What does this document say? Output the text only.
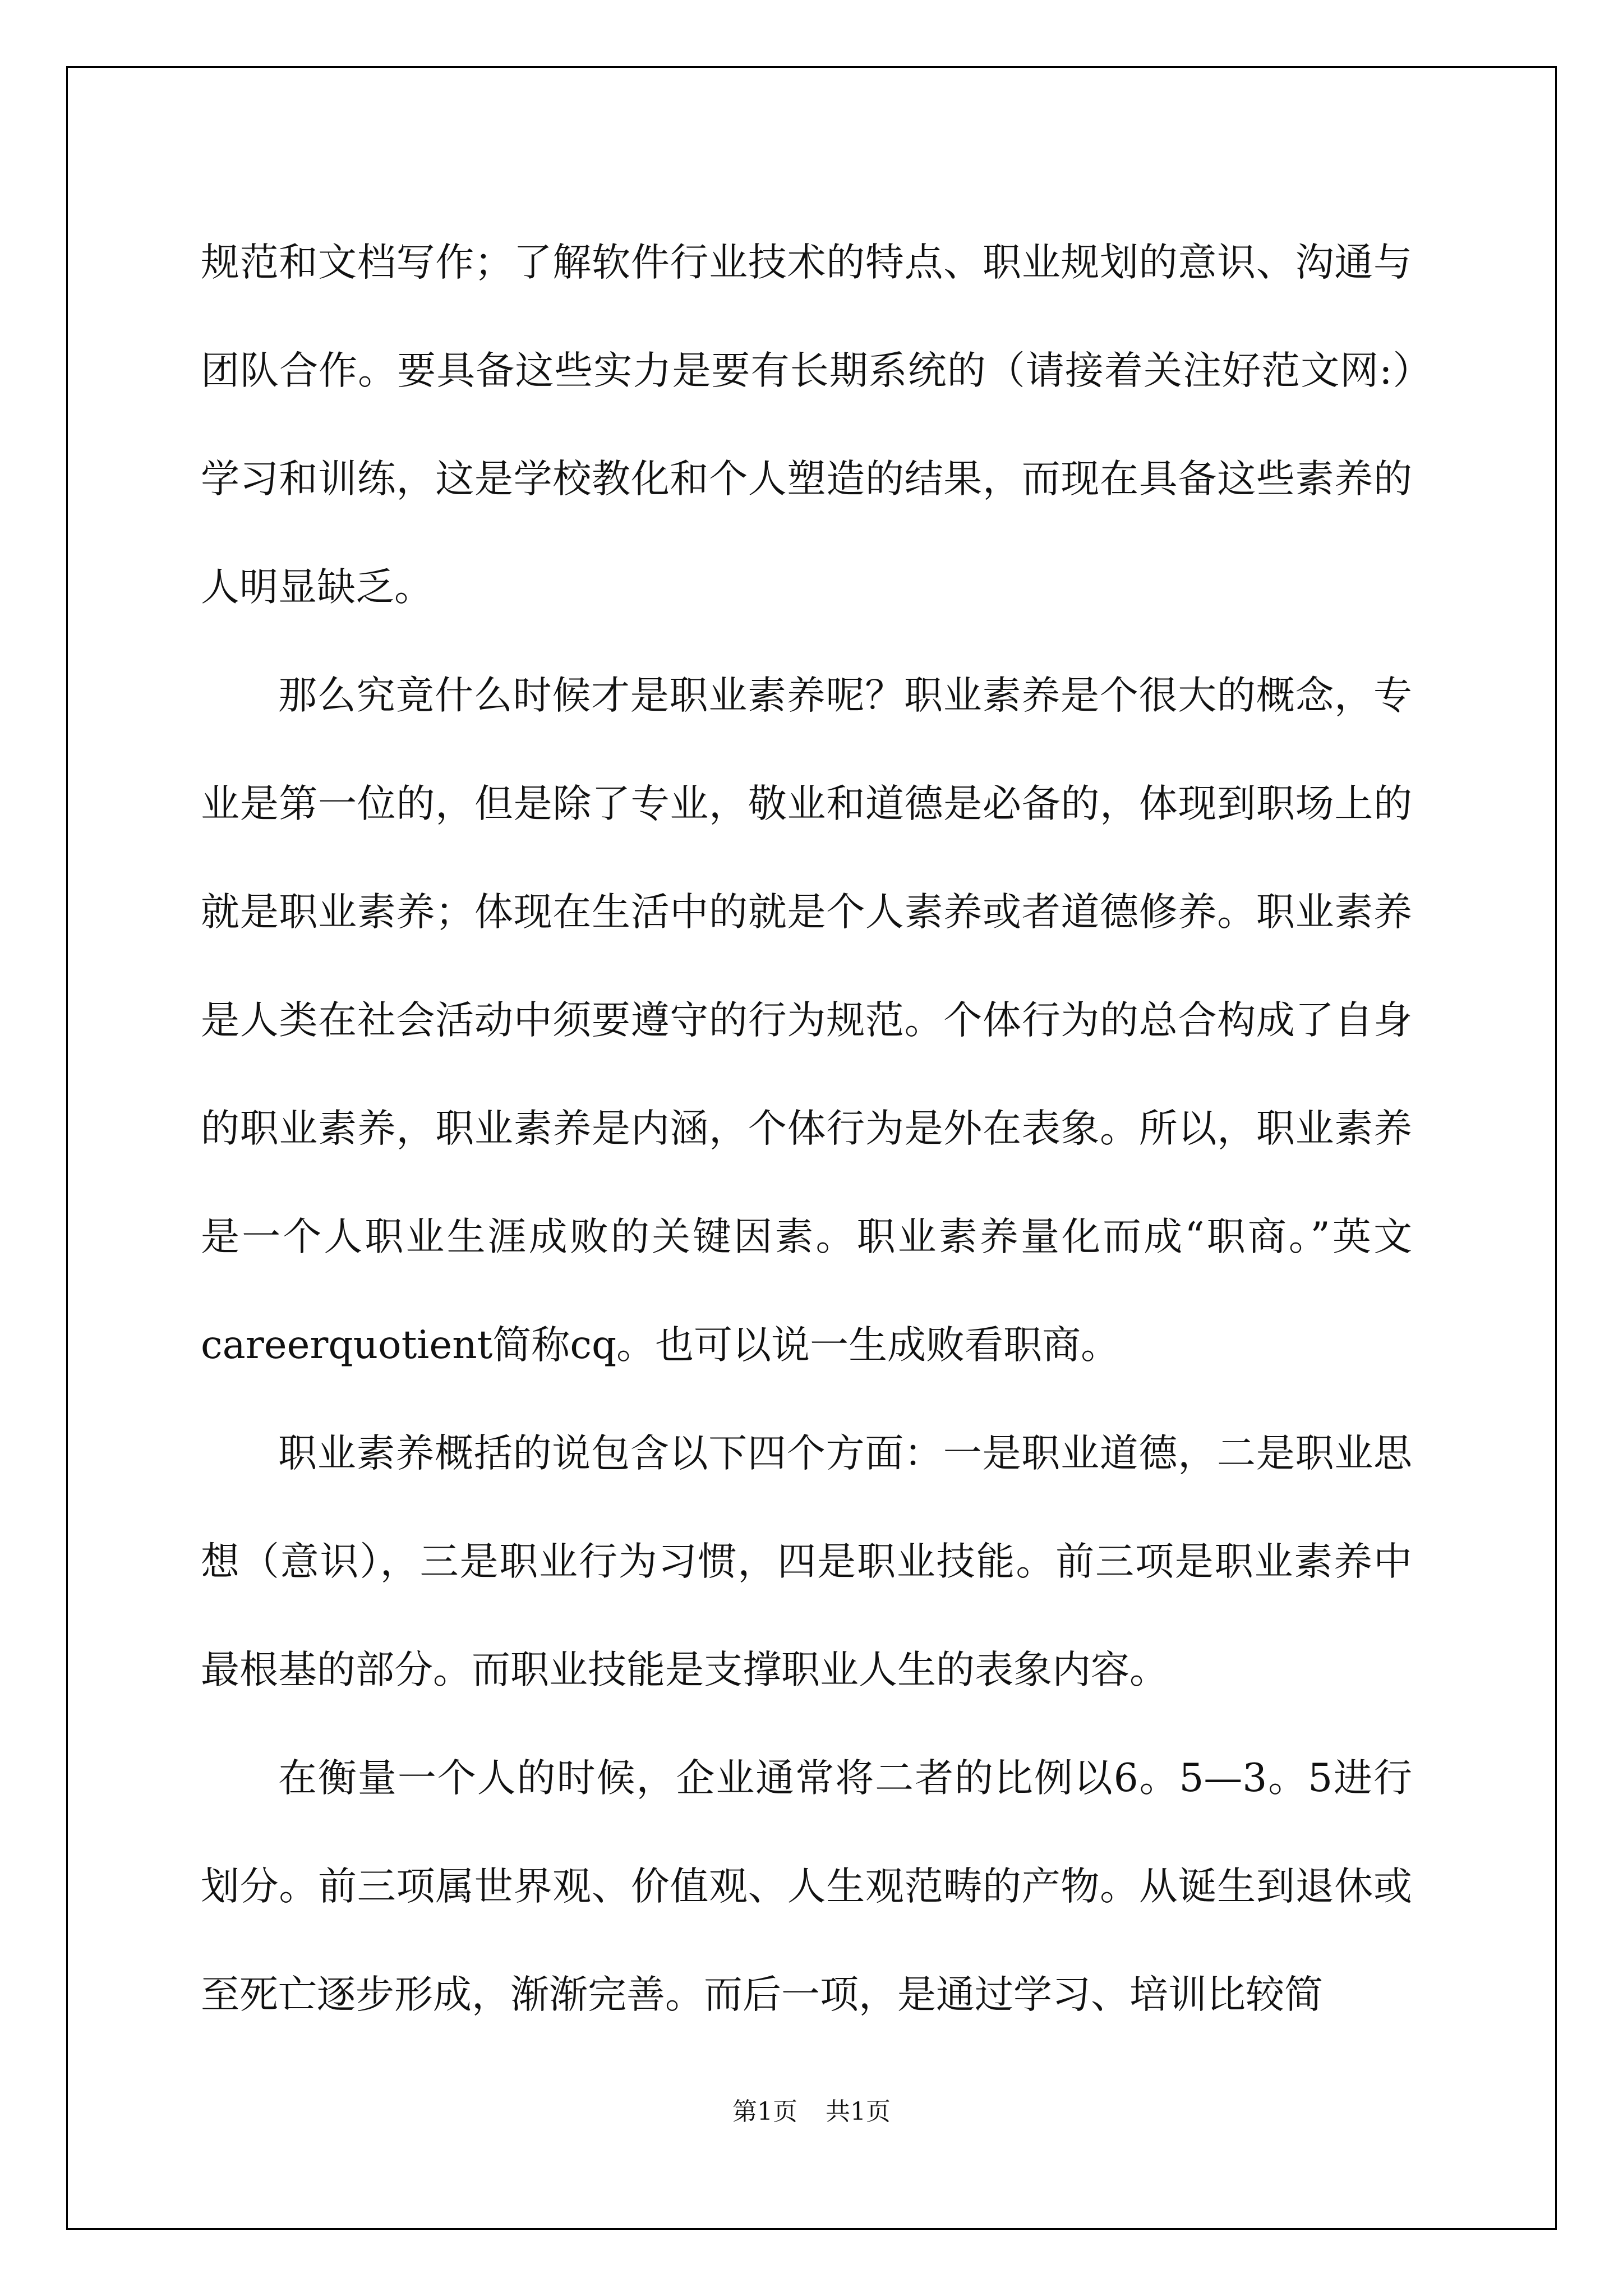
规范和文档写作；了解软件行业技术的特点、职业规划的意识、沟通与团队合作。要具备这些实力是要有长期系统的（请接着关注好范文网:）学习和训练，这是学校教化和个人塑造的结果，而现在具备这些素养的人明显缺乏。

那么究竟什么时候才是职业素养呢？职业素养是个很大的概念，专业是第一位的，但是除了专业，敬业和道德是必备的，体现到职场上的就是职业素养；体现在生活中的就是个人素养或者道德修养。职业素养是人类在社会活动中须要遵守的行为规范。个体行为的总合构成了自身的职业素养，职业素养是内涵，个体行为是外在表象。所以，职业素养是一个人职业生涯成败的关键因素。职业素养量化而成“职商。”英文careerquotient简称cq。也可以说一生成败看职商。

职业素养概括的说包含以下四个方面：一是职业道德，二是职业思想（意识），三是职业行为习惯，四是职业技能。前三项是职业素养中最根基的部分。而职业技能是支撑职业人生的表象内容。

在衡量一个人的时候，企业通常将二者的比例以6。5—3。5进行划分。前三项属世界观、价值观、人生观范畴的产物。从诞生到退休或至死亡逐步形成，渐渐完善。而后一项，是通过学习、培训比较简

第1页 共1页
